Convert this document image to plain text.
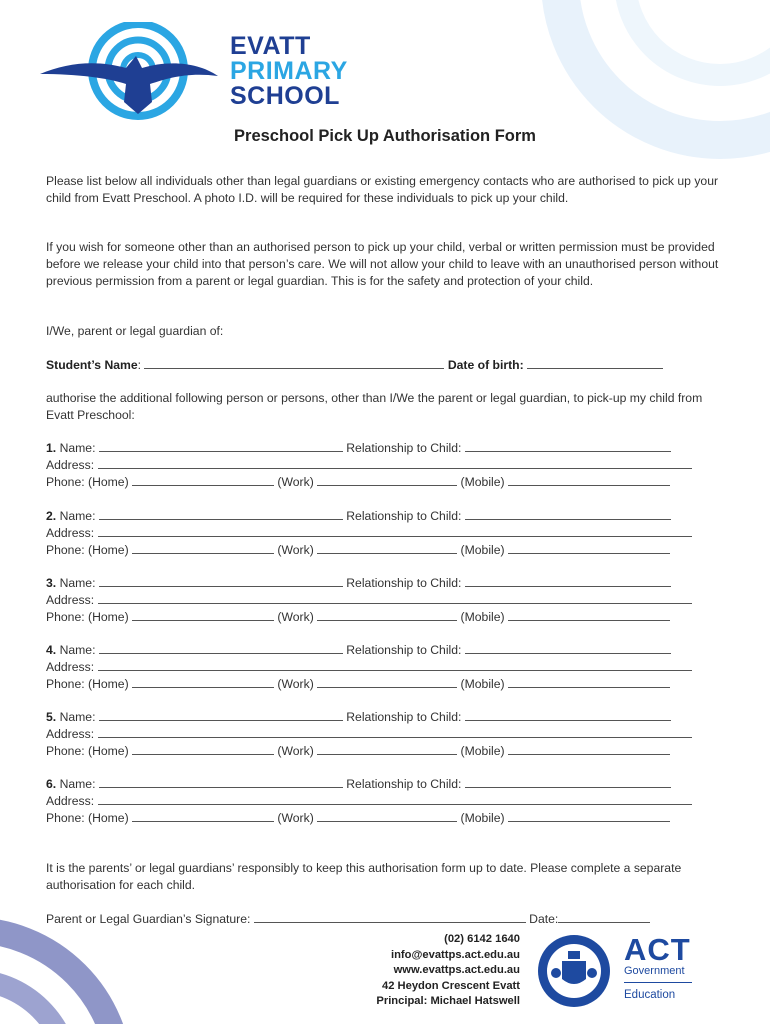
EVATT
PRIMARY
SCHOOL
Preschool Pick Up Authorisation Form

Please list below all individuals other than legal guardians or existing emergency contacts who are authorised to pick up your child from Evatt Preschool. A photo I.D. will be required for these individuals to pick up your child.

If you wish for someone other than an authorised person to pick up your child, verbal or written permission must be provided before we release your child into that person’s care. We will not allow your child to leave with an unauthorised person without previous permission from a parent or legal guardian. This is for the safety and protection of your child.

I/We, parent or legal guardian of:

Student’s Name:	Date of birth:

authorise the additional following person or persons, other than I/We the parent or legal guardian, to pick-up my child from Evatt Preschool:

1. Name:	Relationship to Child:
Address:
Phone: (Home)	(Work)	(Mobile)
2. Name:	Relationship to Child:
Address:
Phone: (Home)	(Work)	(Mobile)
3. Name:	Relationship to Child:
Address:
Phone: (Home)	(Work)	(Mobile)
4. Name:	Relationship to Child:
Address:
Phone: (Home)	(Work)	(Mobile)
5. Name:	Relationship to Child:
Address:
Phone: (Home)	(Work)	(Mobile)
6. Name:	Relationship to Child:
Address:
Phone: (Home)	(Work)	(Mobile)

It is the parents’ or legal guardians’ responsibly to keep this authorisation form up to date. Please complete a separate authorisation for each child.

Parent or Legal Guardian’s Signature:	Date:
(02) 6142 1640
info@evattps.act.edu.au
www.evattps.act.edu.au
42 Heydon Crescent Evatt
Principal: Michael Hatswell
ACT
Government
Education
